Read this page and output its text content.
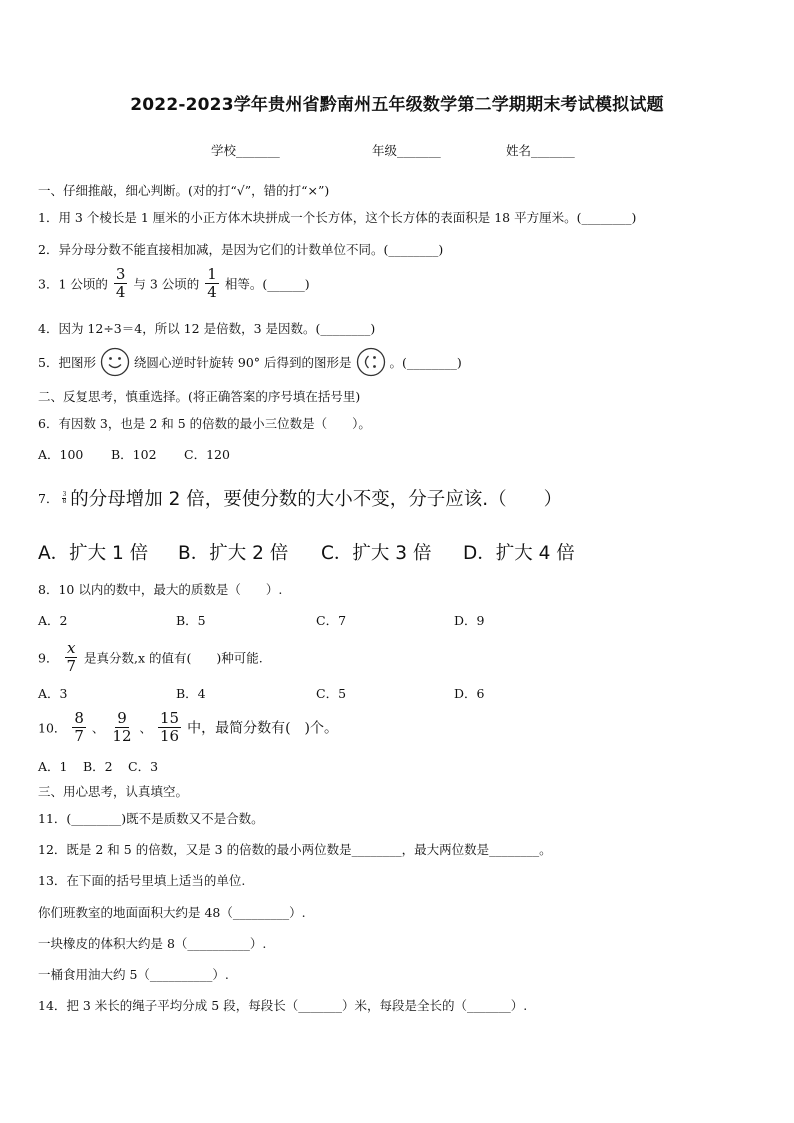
2022-2023学年贵州省黔南州五年级数学第二学期期末考试模拟试题
学校_______	年级_______	姓名_______
一、仔细推敲，细心判断。(对的打“√”，错的打“×”)
1．用 3 个棱长是 1 厘米的小正方体木块拼成一个长方体，这个长方体的表面积是 18 平方厘米。(________)
2．异分母分数不能直接相加减，是因为它们的计数单位不同。(________)
3．1 公顷的 $\frac{3}{4}$ 与 3 公顷的 $\frac{1}{4}$ 相等。(______)
4．因为 12÷3＝4，所以 12 是倍数，3 是因数。(________)
5．把图形	绕圆心逆时针旋转 90° 后得到的图形是	。(________)
二、反复思考，慎重选择。(将正确答案的序号填在括号里)
6．有因数 3，也是 2 和 5 的倍数的最小三位数是（　　）。
A．100 B．102 C．120
7． $\frac{3}{8}$ 的分母增加 2 倍，要使分数的大小不变，分子应该.（　　）
A．扩大 1 倍 B．扩大 2 倍 C．扩大 3 倍 D．扩大 4 倍
8．10 以内的数中，最大的质数是（　　）.
A．2	B．5	C．7	D．9
9． $\frac{x}{7}$ 是真分数,x 的值有(　　)种可能.
A．3	B．4	C．5	D．6
10． $\frac{8}{7}$ 、 $\frac{9}{12}$ 、 $\frac{15}{16}$ 中，最简分数有(　)个。
A．1 B．2 C．3
三、用心思考，认真填空。
11．(________)既不是质数又不是合数。
12．既是 2 和 5 的倍数，又是 3 的倍数的最小两位数是________，最大两位数是________。
13．在下面的括号里填上适当的单位.
你们班教室的地面面积大约是 48（_________）.
一块橡皮的体积大约是 8（__________）.
一桶食用油大约 5（__________）.
14．把 3 米长的绳子平均分成 5 段，每段长（_______）米，每段是全长的（_______）.
